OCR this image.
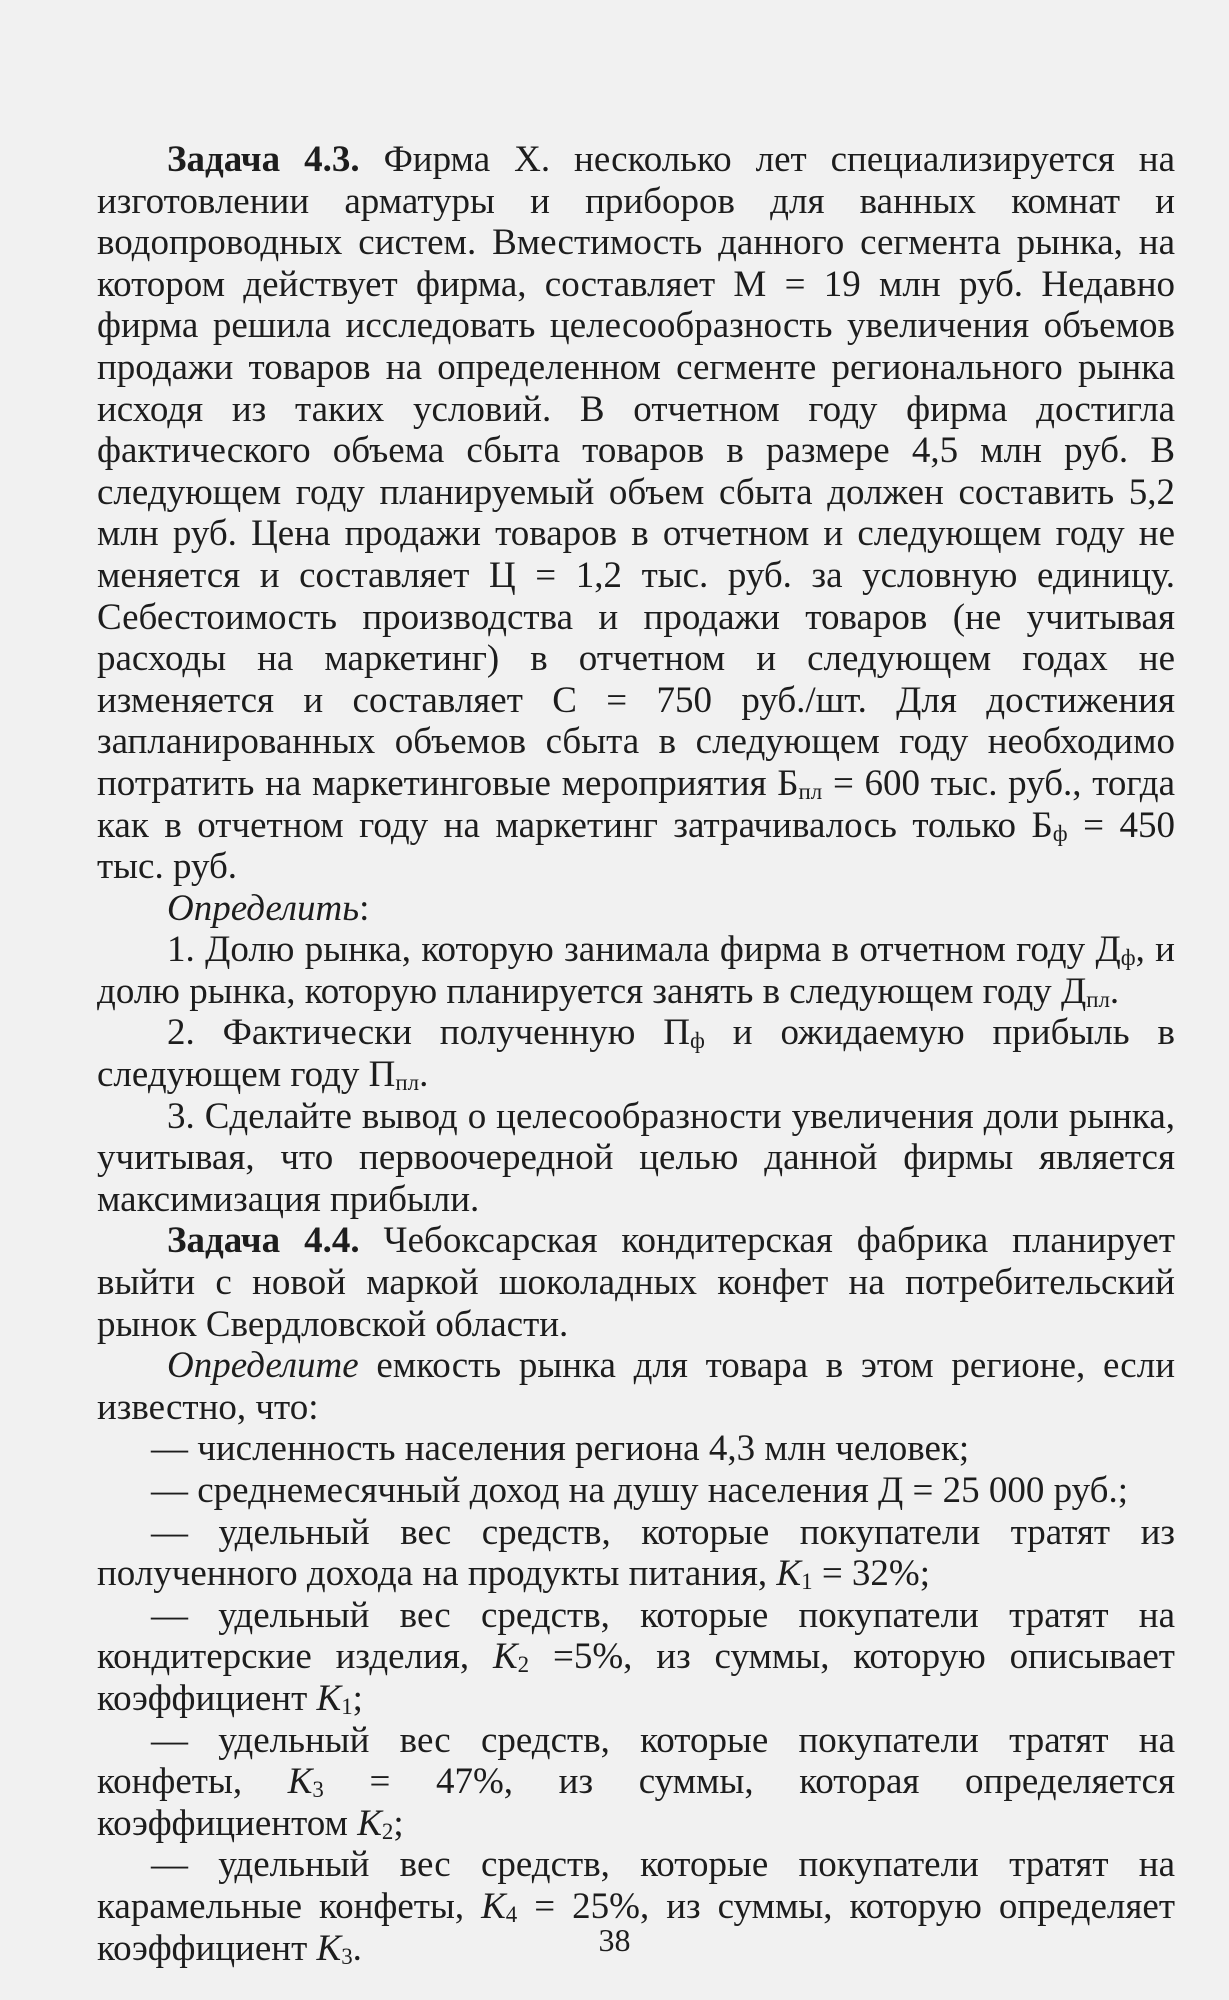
Задача 4.3. Фирма X. несколько лет специализируется на изготовлении арматуры и приборов для ванных комнат и водопроводных систем. Вместимость данного сегмента рынка, на котором действует фирма, составляет М = 19 млн руб. Недавно фирма решила исследовать целесообразность увеличения объемов продажи товаров на определенном сегменте регионального рынка исходя из таких условий. В отчетном году фирма достигла фактического объема сбыта товаров в размере 4,5 млн руб. В следующем году планируемый объем сбыта должен составить 5,2 млн руб. Цена продажи товаров в отчетном и следующем году не меняется и составляет Ц = 1,2 тыс. руб. за условную единицу. Себестоимость производства и продажи товаров (не учитывая расходы на маркетинг) в отчетном и следующем годах не изменяется и составляет С = 750 руб./шт. Для достижения запланированных объемов сбыта в следующем году необходимо потратить на маркетинговые мероприятия $Б_{пл} = 600$ тыс. руб., тогда как в отчетном году на маркетинг затрачивалось только $Б_ф = 450$ тыс. руб.

Определить:

1. Долю рынка, которую занимала фирма в отчетном году $Д_ф$, и долю рынка, которую планируется занять в следующем году $Д_{пл}$.

2. Фактически полученную $П_ф$ и ожидаемую прибыль в следующем году $П_{пл}$.

3. Сделайте вывод о целесообразности увеличения доли рынка, учитывая, что первоочередной целью данной фирмы является максимизация прибыли.

Задача 4.4. Чебоксарская кондитерская фабрика планирует выйти с новой маркой шоколадных конфет на потребительский рынок Свердловской области.

Определите емкость рынка для товара в этом регионе, если известно, что:

— численность населения региона 4,3 млн человек;

— среднемесячный доход на душу населения Д = 25 000 руб.;

— удельный вес средств, которые покупатели тратят из полученного дохода на продукты питания, $K_1 = 32\%$;

— удельный вес средств, которые покупатели тратят на кондитерские изделия, $K_2 =5\%$, из суммы, которую описывает коэффициент $K_1$;

— удельный вес средств, которые покупатели тратят на конфеты, $K_3 = 47\%$, из суммы, которая определяется коэффициентом $K_2$;

— удельный вес средств, которые покупатели тратят на карамельные конфеты, $K_4 = 25\%$, из суммы, которую определяет коэффициент $K_3$.	38
